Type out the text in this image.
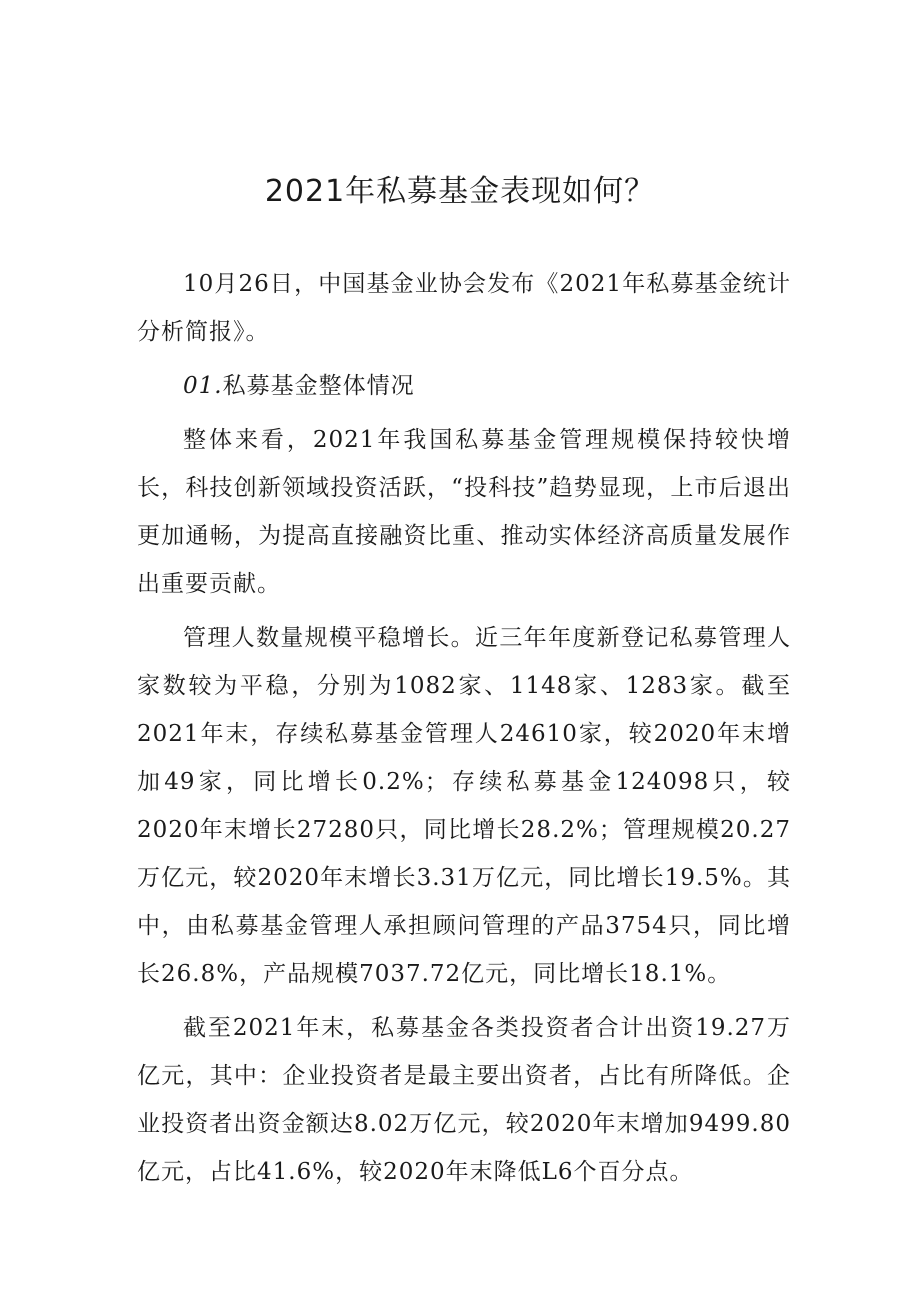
2021年私募基金表现如何？

10月26日，中国基金业协会发布《2021年私募基金统计分析简报》。

01.私募基金整体情况

整体来看，2021年我国私募基金管理规模保持较快增长，科技创新领域投资活跃，“投科技”趋势显现，上市后退出更加通畅，为提高直接融资比重、推动实体经济高质量发展作出重要贡献。

管理人数量规模平稳增长。近三年年度新登记私募管理人家数较为平稳，分别为1082家、1148家、1283家。截至2021年末，存续私募基金管理人24610家，较2020年末增加49家，同比增长0.2%；存续私募基金124098只，较2020年末增长27280只，同比增长28.2%；管理规模20.27万亿元，较2020年末增长3.31万亿元，同比增长19.5%。其中，由私募基金管理人承担顾问管理的产品3754只，同比增长26.8%，产品规模7037.72亿元，同比增长18.1%。

截至2021年末，私募基金各类投资者合计出资19.27万亿元，其中：企业投资者是最主要出资者，占比有所降低。企业投资者出资金额达8.02万亿元，较2020年末增加9499.80亿元，占比41.6%，较2020年末降低L6个百分点。
